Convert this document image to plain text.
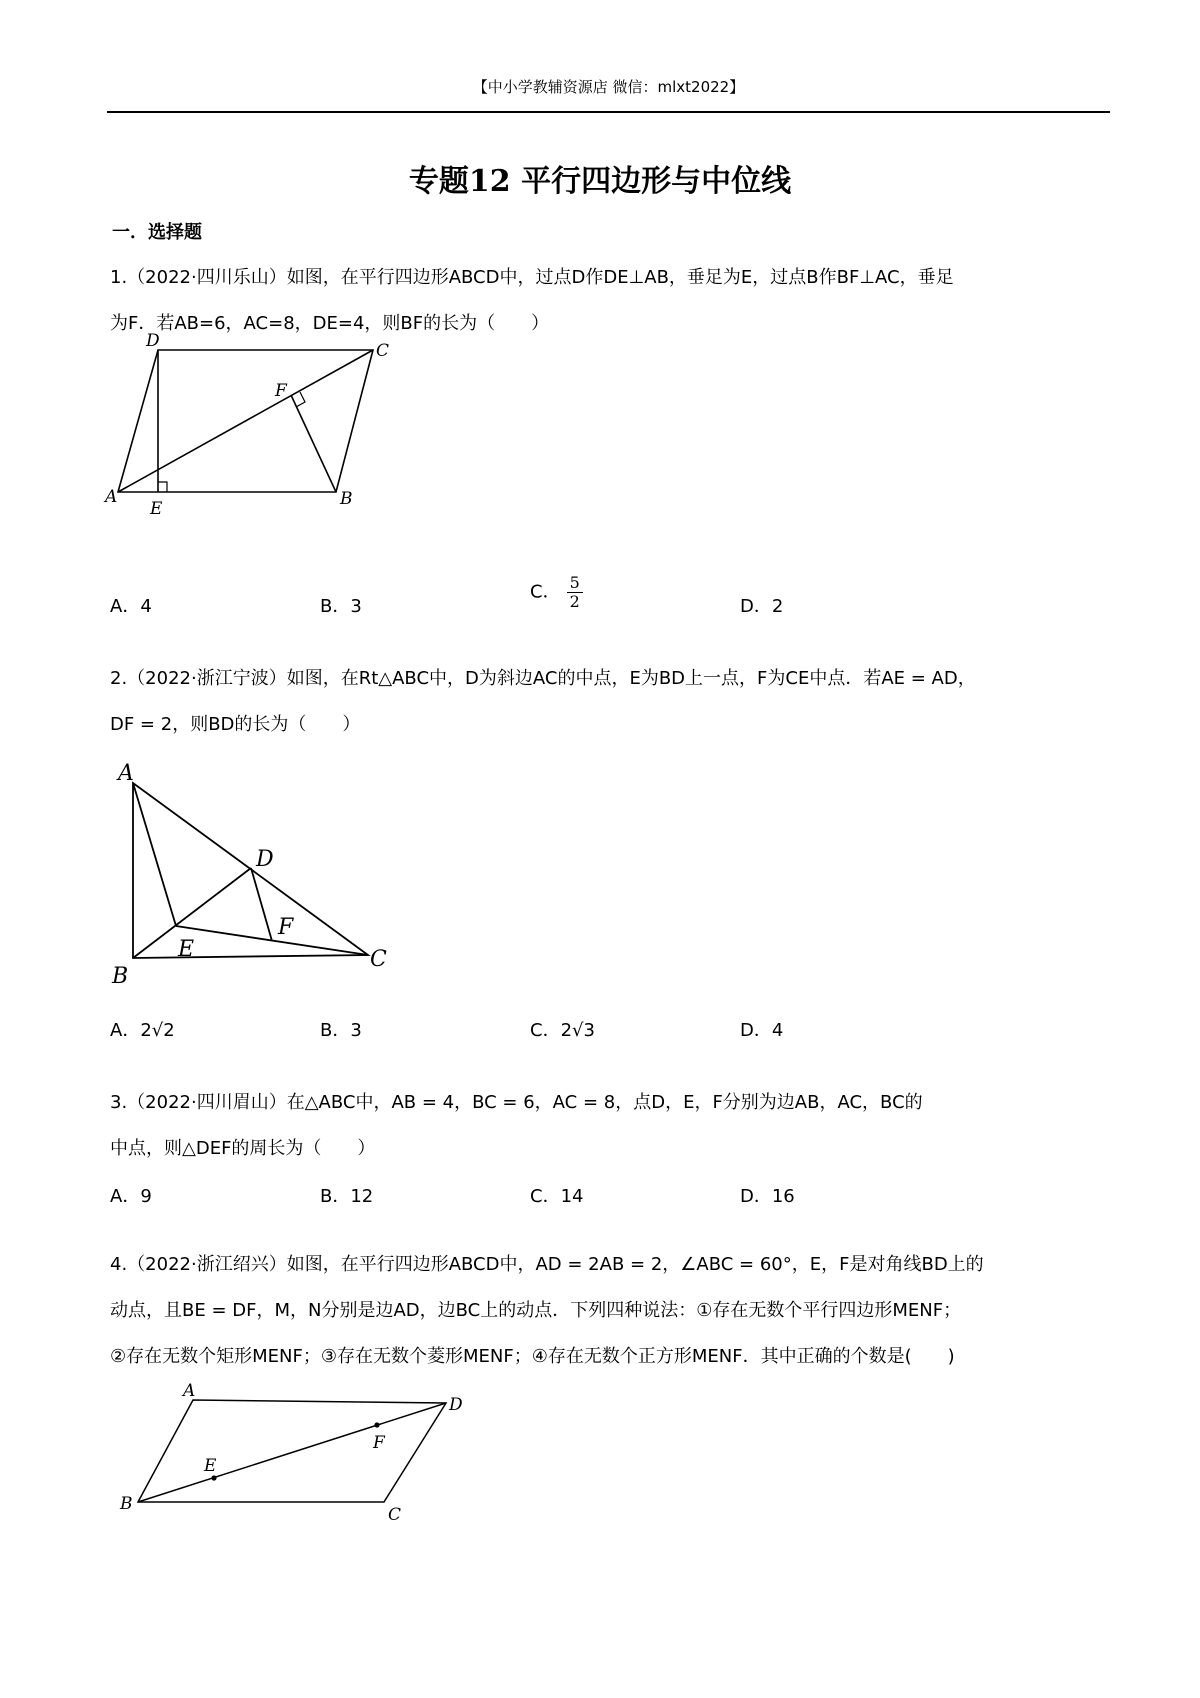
【中小学教辅资源店 微信：mlxt2022】
专题12 平行四边形与中位线
一．选择题

1.（2022·四川乐山）如图，在平行四边形ABCD中，过点D作DE⊥AB，垂足为E，过点B作BF⊥AC，垂足

为F．若AB=6，AC=8，DE=4，则BF的长为（　　）

D	C
F
A
E	B
A．4	B．3
C． $\frac{5}{2}$	D．2

2.（2022·浙江宁波）如图，在Rt△ABC中，D为斜边AC的中点，E为BD上一点，F为CE中点．若AE = AD，

DF = 2，则BD的长为（　　）

A
D
F
E
B
C
A．2√2	B．3	C．2√3	D．4

3.（2022·四川眉山）在△ABC中，AB = 4，BC = 6，AC = 8，点D，E，F分别为边AB，AC，BC的

中点，则△DEF的周长为（　　）

A．9	B．12	C．14	D．16

4.（2022·浙江绍兴）如图，在平行四边形ABCD中，AD = 2AB = 2，∠ABC = 60°，E，F是对角线BD上的

动点，且BE = DF，M，N分别是边AD，边BC上的动点．下列四种说法：①存在无数个平行四边形MENF；

②存在无数个矩形MENF；③存在无数个菱形MENF；④存在无数个正方形MENF．其中正确的个数是(　　)

A
D
F
E
B
C
